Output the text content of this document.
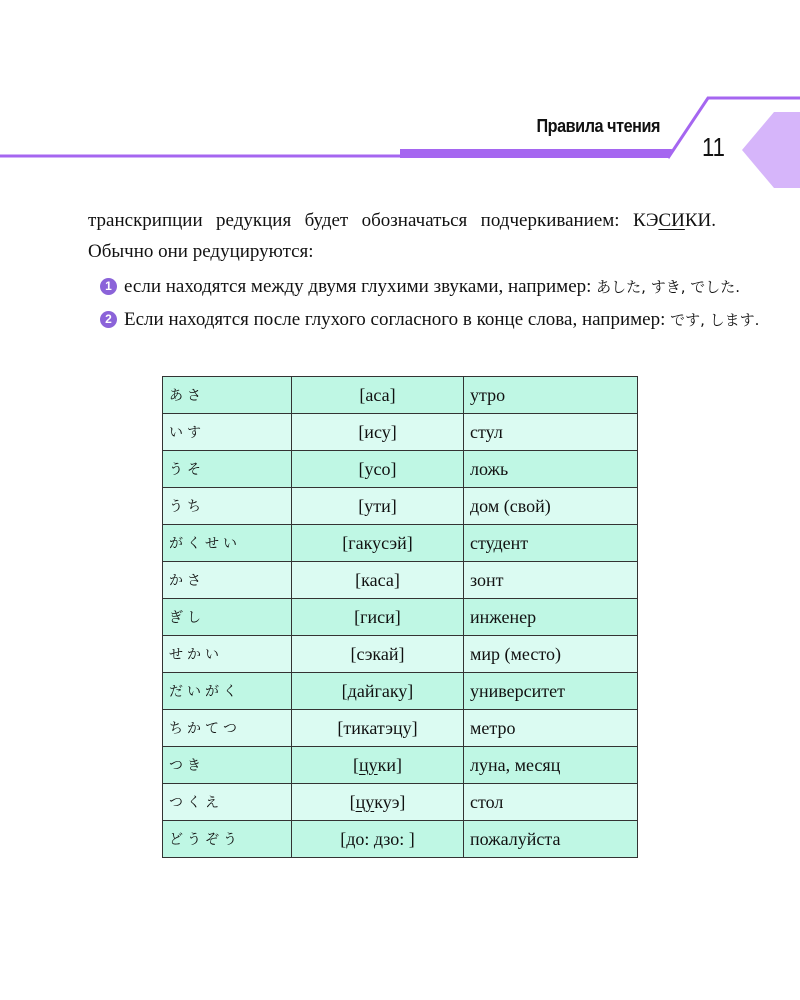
Правила чтения
11
транскрипции редукция будет обозначаться подчеркиванием: КЭСИКИ. Обычно они редуцируются:
1 если находятся между двумя глухими звуками, например: あした, すき, でした.
2 Если находятся после глухого согласного в конце слова, например: です, します.
あさ	[аса]	утро
いす	[ису]	стул
うそ	[усо]	ложь
うち	[ути]	дом (свой)
がくせい	[гакусэй]	студент
かさ	[каса]	зонт
ぎし	[гиси]	инженер
せかい	[сэкай]	мир (место)
だいがく	[дайгаку]	университет
ちかてつ	[тикатэцу]	метро
つき	[цуки]	луна, месяц
つくえ	[цукуэ]	стол
どうぞう	[до: дзо: ]	пожалуйста
